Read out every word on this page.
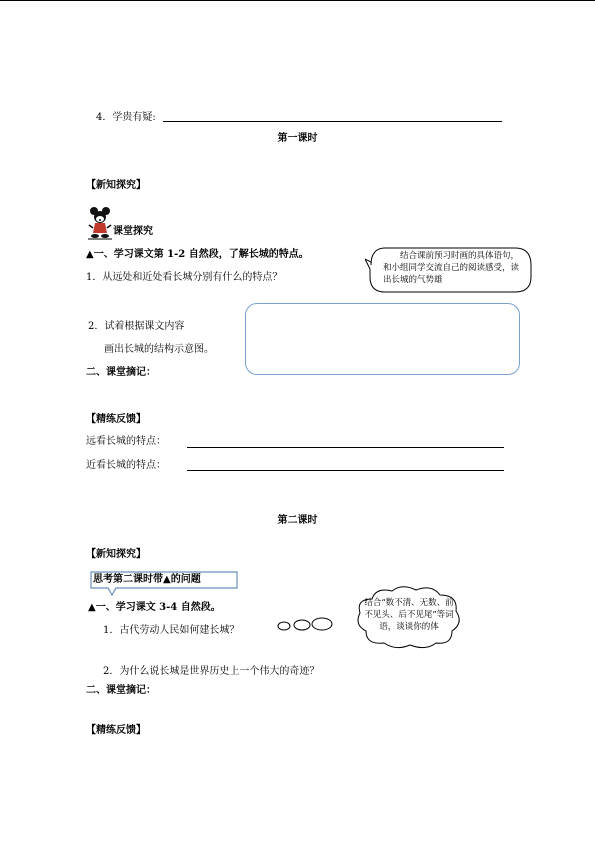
4．学贵有疑:
第一课时
【新知探究】
课堂探究
▲一、学习课文第 1-2 自然段，了解长城的特点。
1．从远处和近处看长城分别有什么的特点？
结合课前预习时画的具体语句，和小组同学交流自己的阅读感受，读出长城的气势雄
2．试着根据课文内容
画出长城的结构示意图。
二、课堂摘记：
【精练反馈】
远看长城的特点：
近看长城的特点：
第二课时
【新知探究】
思考第二课时带▲的问题
▲一、学习课文 3-4 自然段。
1．古代劳动人民如何建长城？
结合“数不清、无数、前不见头、后不见尾”等词语，谈谈你的体
2．为什么说长城是世界历史上一个伟大的奇迹？
二、课堂摘记：
【精练反馈】
